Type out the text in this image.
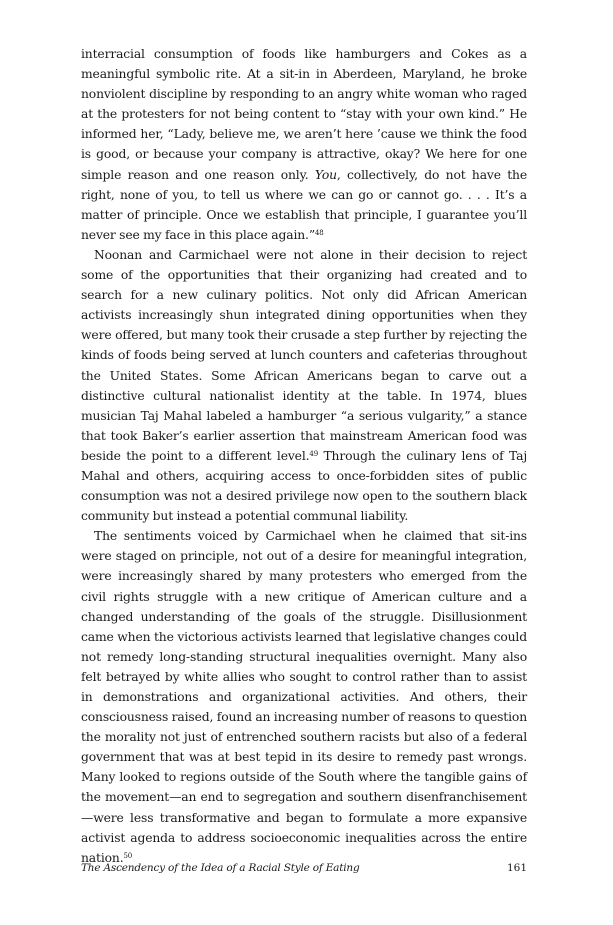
interracial consumption of foods like hamburgers and Cokes as a meaningful symbolic rite. At a sit-in in Aberdeen, Maryland, he broke nonviolent discipline by responding to an angry white woman who raged at the protesters for not being content to “stay with your own kind.” He informed her, “Lady, believe me, we aren’t here ’cause we think the food is good, or because your company is attractive, okay? We here for one simple reason and one reason only. You, collectively, do not have the right, none of you, to tell us where we can go or cannot go. . . . It’s a matter of principle. Once we establish that principle, I guarantee you’ll never see my face in this place again.”$^{48}$

Noonan and Carmichael were not alone in their decision to reject some of the opportunities that their organizing had created and to search for a new culinary politics. Not only did African American activists increasingly shun integrated dining opportunities when they were offered, but many took their crusade a step further by rejecting the kinds of foods being served at lunch counters and cafeterias throughout the United States. Some African Americans began to carve out a distinctive cultural nationalist identity at the table. In 1974, blues musician Taj Mahal labeled a hamburger “a serious vulgarity,” a stance that took Baker’s earlier assertion that mainstream American food was beside the point to a different level.$^{49}$ Through the culinary lens of Taj Mahal and others, acquiring access to once-forbidden sites of public consumption was not a desired privilege now open to the southern black community but instead a potential communal liability.

The sentiments voiced by Carmichael when he claimed that sit-ins were staged on principle, not out of a desire for meaningful integration, were increasingly shared by many protesters who emerged from the civil rights struggle with a new critique of American culture and a changed understanding of the goals of the struggle. Disillusionment came when the victorious activists learned that legislative changes could not remedy long-standing structural inequalities overnight. Many also felt betrayed by white allies who sought to control rather than to assist in demonstrations and organizational activities. And others, their consciousness raised, found an increasing number of reasons to question the morality not just of entrenched southern racists but also of a federal government that was at best tepid in its desire to remedy past wrongs. Many looked to regions outside of the South where the tangible gains of the movement—an end to segregation and southern disenfranchisement—were less transformative and began to formulate a more expansive activist agenda to address socioeconomic inequalities across the entire nation.$^{50}$

The Ascendency of the Idea of a Racial Style of Eating	161
